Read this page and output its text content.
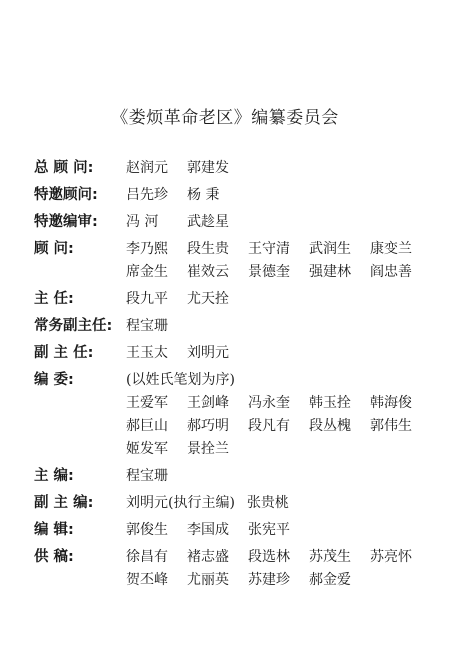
《娄烦革命老区》编纂委员会
总 顾 问:	赵润元	郭建发
特邀顾问:	吕先珍	杨 秉
特邀编审:	冯 河	武趁星
顾 问:	李乃熙	段生贵	王守清	武润生	康变兰
席金生	崔效云	景德奎	强建林	阎忠善
主 任:	段九平	尤天拴
常务副主任: 程宝珊
副 主 任:	王玉太	刘明元
编 委:	(以姓氏笔划为序)
王爱军	王剑峰	冯永奎	韩玉拴	韩海俊
郝巨山	郝巧明	段凡有	段丛槐	郭伟生
姬发军	景拴兰
主 编:	程宝珊
副 主 编:	刘明元(执行主编) 张贵桃
编 辑:	郭俊生	李国成	张宪平
供 稿:	徐昌有	褚志盛	段选林	苏茂生	苏亮怀
贺丕峰	尤丽英	苏建珍	郝金爱
